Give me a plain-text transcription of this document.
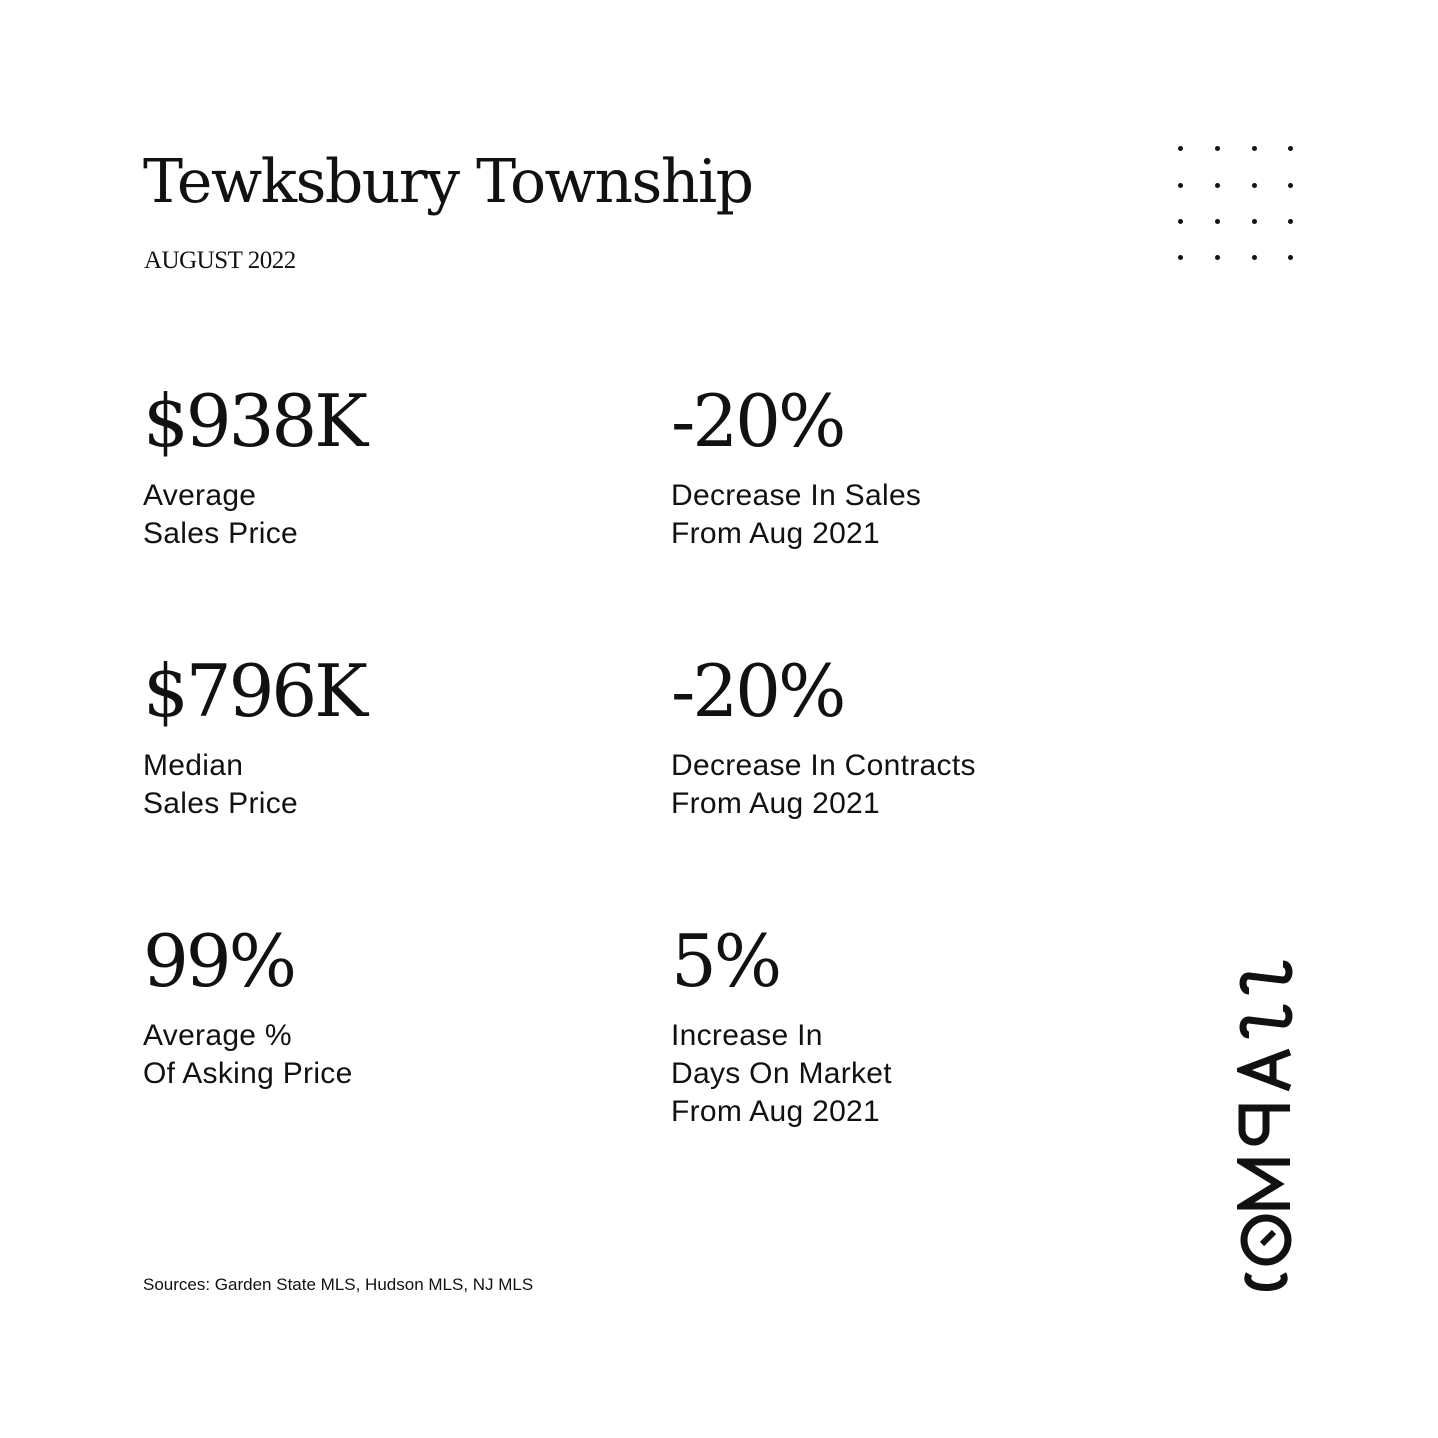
Tewksbury Township
AUGUST 2022
$938K
Average
Sales Price
-20%
Decrease In Sales
From Aug 2021
$796K
Median
Sales Price
-20%
Decrease In Contracts
From Aug 2021
99%
Average %
Of Asking Price
5%
Increase In
Days On Market
From Aug 2021
Sources: Garden State MLS, Hudson MLS, NJ MLS
